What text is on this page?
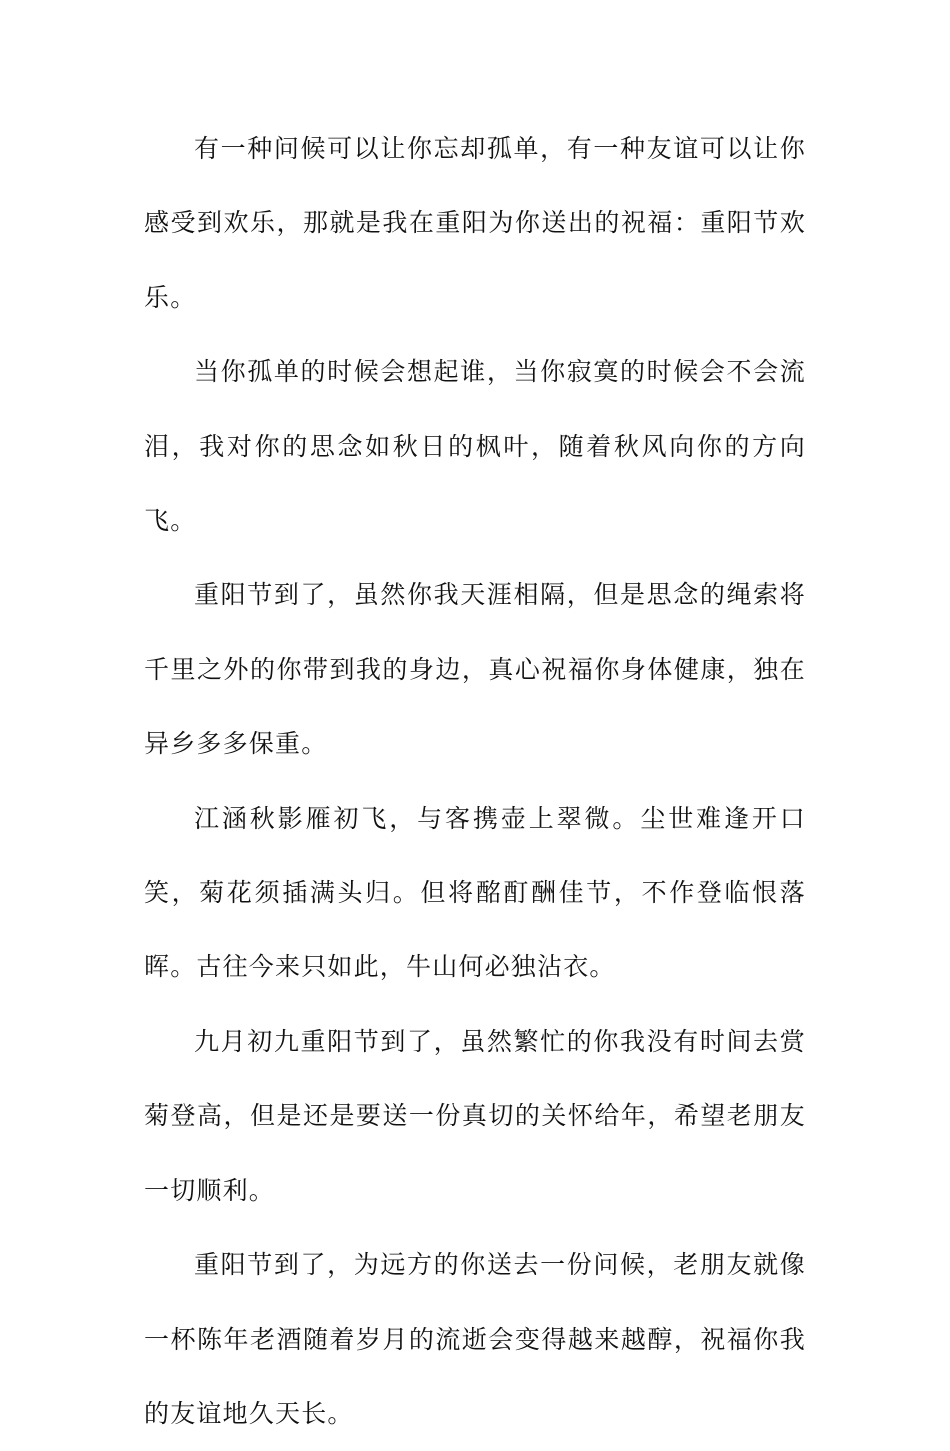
有一种问候可以让你忘却孤单，有一种友谊可以让你感受到欢乐，那就是我在重阳为你送出的祝福：重阳节欢乐。

当你孤单的时候会想起谁，当你寂寞的时候会不会流泪，我对你的思念如秋日的枫叶，随着秋风向你的方向飞。

重阳节到了，虽然你我天涯相隔，但是思念的绳索将千里之外的你带到我的身边，真心祝福你身体健康，独在异乡多多保重。

江涵秋影雁初飞，与客携壶上翠微。尘世难逢开口笑，菊花须插满头归。但将酩酊酬佳节，不作登临恨落晖。古往今来只如此，牛山何必独沾衣。

九月初九重阳节到了，虽然繁忙的你我没有时间去赏菊登高，但是还是要送一份真切的关怀给年，希望老朋友一切顺利。

重阳节到了，为远方的你送去一份问候，老朋友就像一杯陈年老酒随着岁月的流逝会变得越来越醇，祝福你我的友谊地久天长。
